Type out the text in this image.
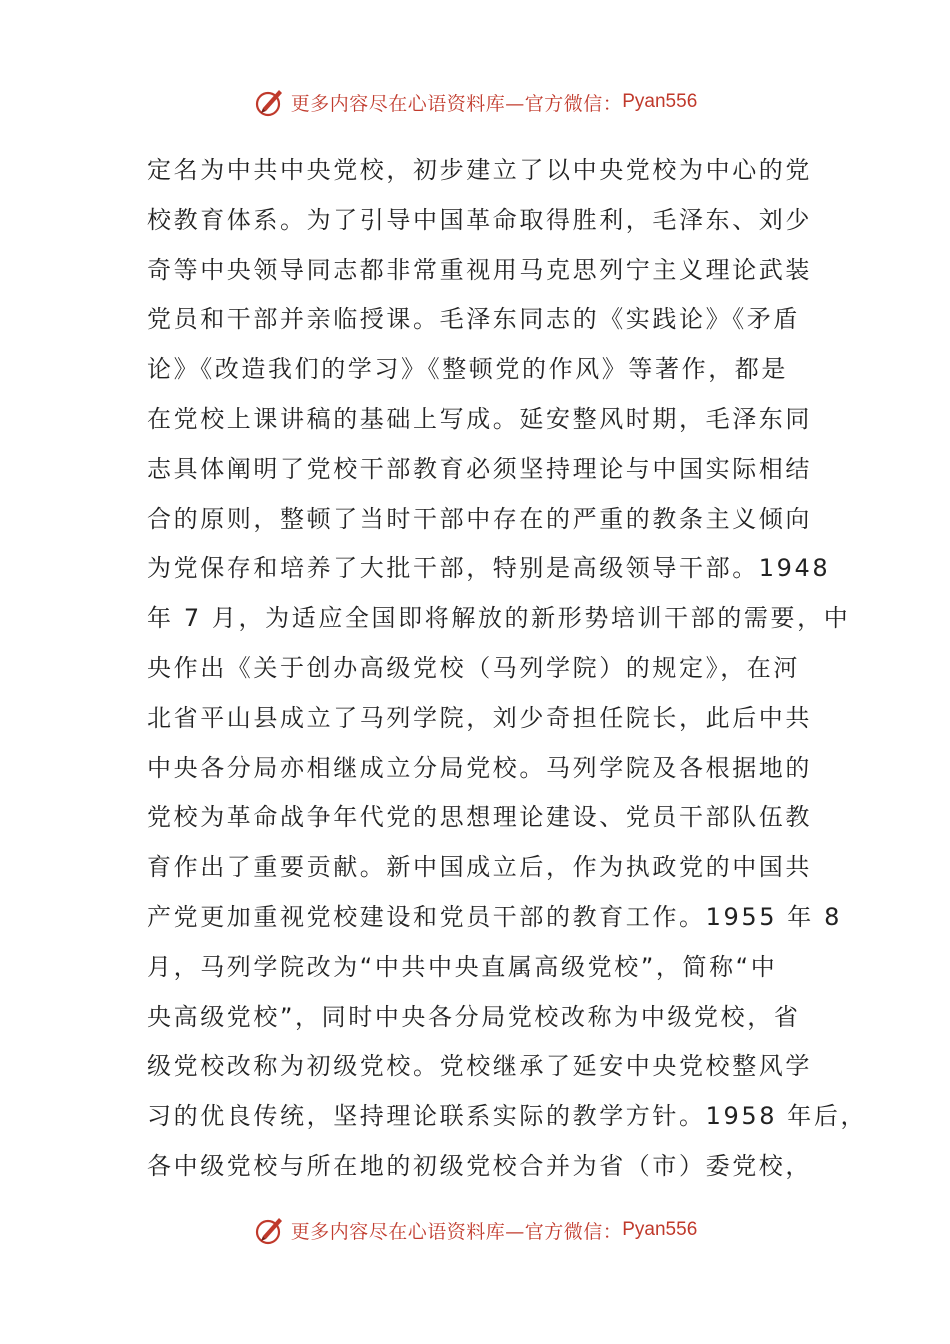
更多内容尽在心语资料库—官方微信： Pyan556
定名为中共中央党校，初步建立了以中央党校为中心的党
校教育体系。为了引导中国革命取得胜利，毛泽东、刘少
奇等中央领导同志都非常重视用马克思列宁主义理论武装
党员和干部并亲临授课。毛泽东同志的《实践论》《矛盾
论》《改造我们的学习》《整顿党的作风》等著作，都是
在党校上课讲稿的基础上写成。延安整风时期，毛泽东同
志具体阐明了党校干部教育必须坚持理论与中国实际相结
合的原则，整顿了当时干部中存在的严重的教条主义倾向
为党保存和培养了大批干部，特别是高级领导干部。1948
年 7 月，为适应全国即将解放的新形势培训干部的需要，中
央作出《关于创办高级党校（马列学院）的规定》，在河
北省平山县成立了马列学院，刘少奇担任院长，此后中共
中央各分局亦相继成立分局党校。马列学院及各根据地的
党校为革命战争年代党的思想理论建设、党员干部队伍教
育作出了重要贡献。新中国成立后，作为执政党的中国共
产党更加重视党校建设和党员干部的教育工作。1955 年 8
月，马列学院改为“中共中央直属高级党校”，简称“中
央高级党校”，同时中央各分局党校改称为中级党校，省
级党校改称为初级党校。党校继承了延安中央党校整风学
习的优良传统，坚持理论联系实际的教学方针。1958 年后，
各中级党校与所在地的初级党校合并为省（市）委党校，
更多内容尽在心语资料库—官方微信： Pyan556
